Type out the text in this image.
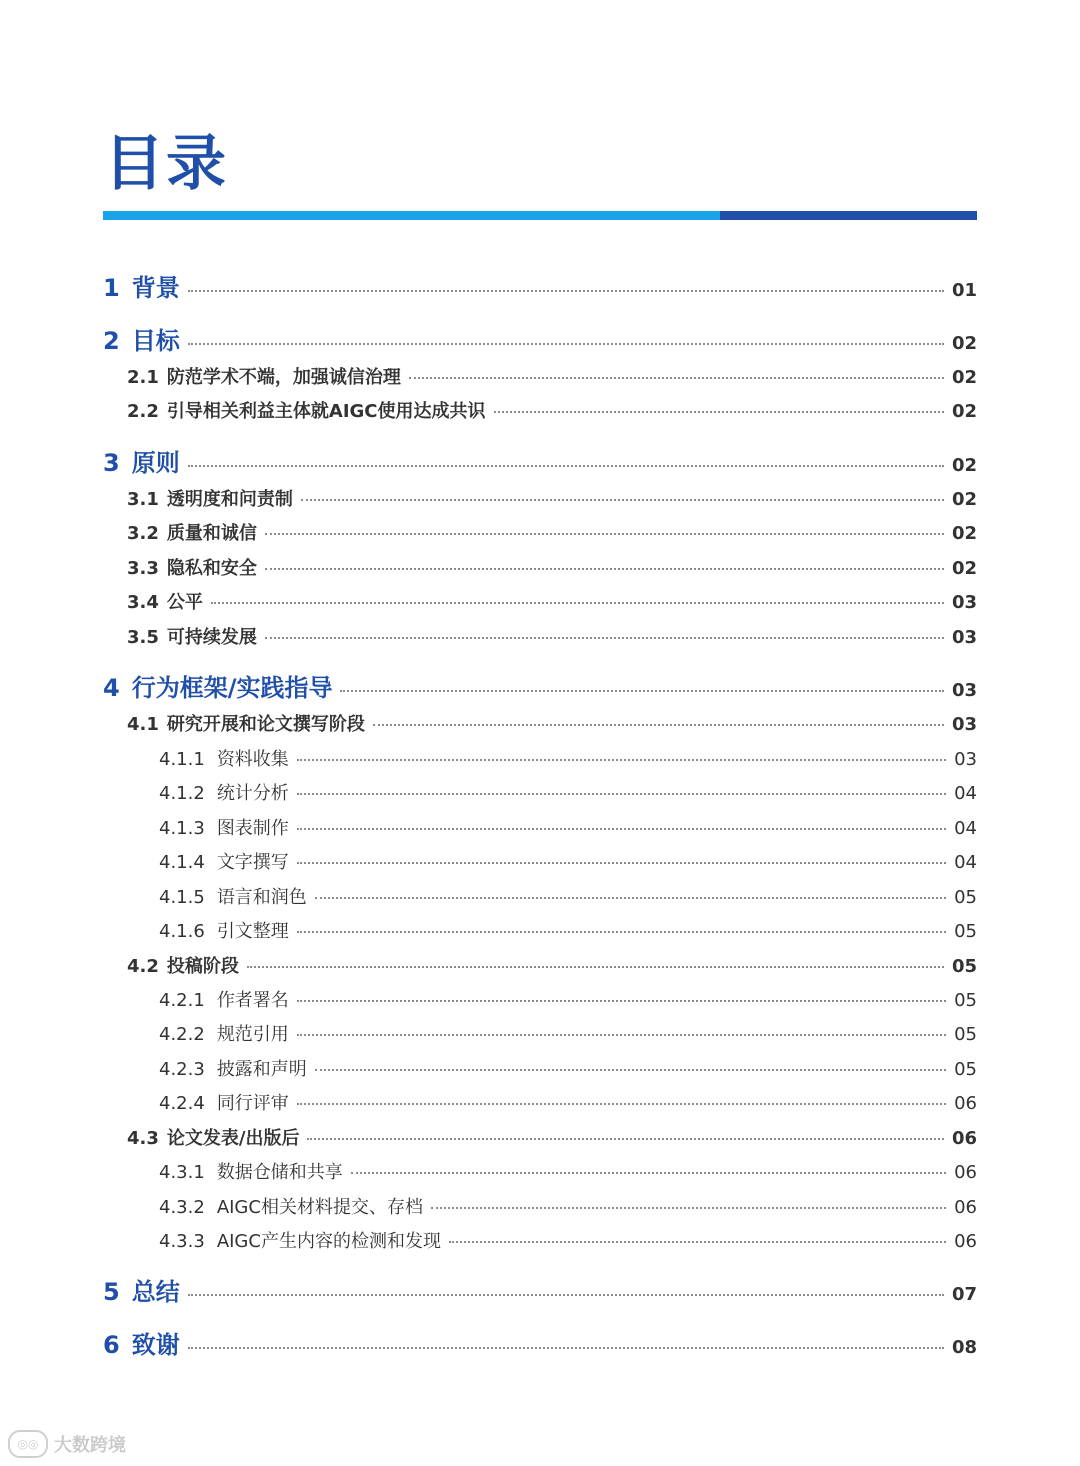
目录
1 背景	01
2 目标	02
2.1 防范学术不端，加强诚信治理	02
2.2 引导相关利益主体就AIGC使用达成共识	02
3 原则	02
3.1 透明度和问责制	02
3.2 质量和诚信	02
3.3 隐私和安全	02
3.4 公平	03
3.5 可持续发展	03
4 行为框架/实践指导	03
4.1 研究开展和论文撰写阶段	03
4.1.1 资料收集	03
4.1.2 统计分析	04
4.1.3 图表制作	04
4.1.4 文字撰写	04
4.1.5 语言和润色	05
4.1.6 引文整理	05
4.2 投稿阶段	05
4.2.1 作者署名	05
4.2.2 规范引用	05
4.2.3 披露和声明	05
4.2.4 同行评审	06
4.3 论文发表/出版后	06
4.3.1 数据仓储和共享	06
4.3.2 AIGC相关材料提交、存档	06
4.3.3 AIGC产生内容的检测和发现	06
5 总结	07
6 致谢	08
◎◎ 大数跨境
